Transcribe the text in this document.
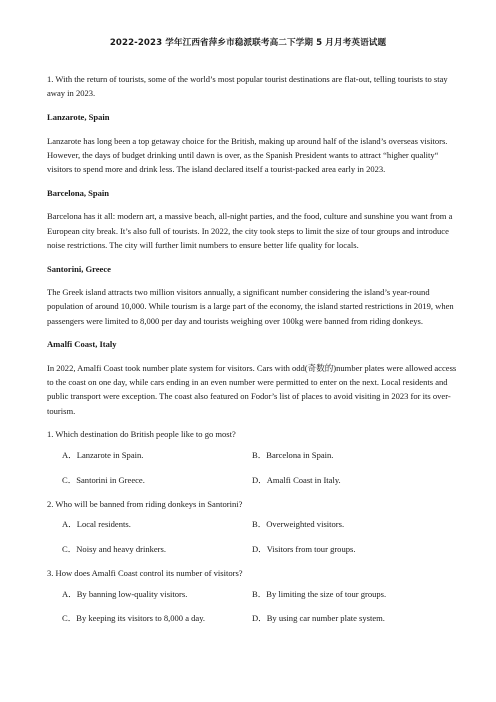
2022-2023 学年江西省萍乡市稳派联考高二下学期 5 月月考英语试题

1. With the return of tourists, some of the world’s most popular tourist destinations are flat-out, telling tourists to stay away in 2023.

Lanzarote, Spain

Lanzarote has long been a top getaway choice for the British, making up around half of the island’s overseas visitors. However, the days of budget drinking until dawn is over, as the Spanish President wants to attract “higher quality“ visitors to spend more and drink less. The island declared itself a tourist-packed area early in 2023.

Barcelona, Spain

Barcelona has it all: modern art, a massive beach, all-night parties, and the food, culture and sunshine you want from a European city break. It’s also full of tourists. In 2022, the city took steps to limit the size of tour groups and introduce noise restrictions. The city will further limit numbers to ensure better life quality for locals.

Santorini, Greece

The Greek island attracts two million visitors annually, a significant number considering the island’s year-round population of around 10,000. While tourism is a large part of the economy, the island started restrictions in 2019, when passengers were limited to 8,000 per day and tourists weighing over 100kg were banned from riding donkeys.

Amalfi Coast, Italy

In 2022, Amalfi Coast took number plate system for visitors. Cars with odd(奇数的)number plates were allowed access to the coast on one day, while cars ending in an even number were permitted to enter on the next. Local residents and public transport were exception. The coast also featured on Fodor’s list of places to avoid visiting in 2023 for its over-tourism.

1. Which destination do British people like to go most?

A．Lanzarote in Spain.	B．Barcelona in Spain.
C．Santorini in Greece.	D．Amalfi Coast in Italy.

2. Who will be banned from riding donkeys in Santorini?

A．Local residents.	B．Overweighted visitors.
C．Noisy and heavy drinkers.	D．Visitors from tour groups.

3. How does Amalfi Coast control its number of visitors?

A．By banning low-quality visitors.	B．By limiting the size of tour groups.
C．By keeping its visitors to 8,000 a day.	D．By using car number plate system.
